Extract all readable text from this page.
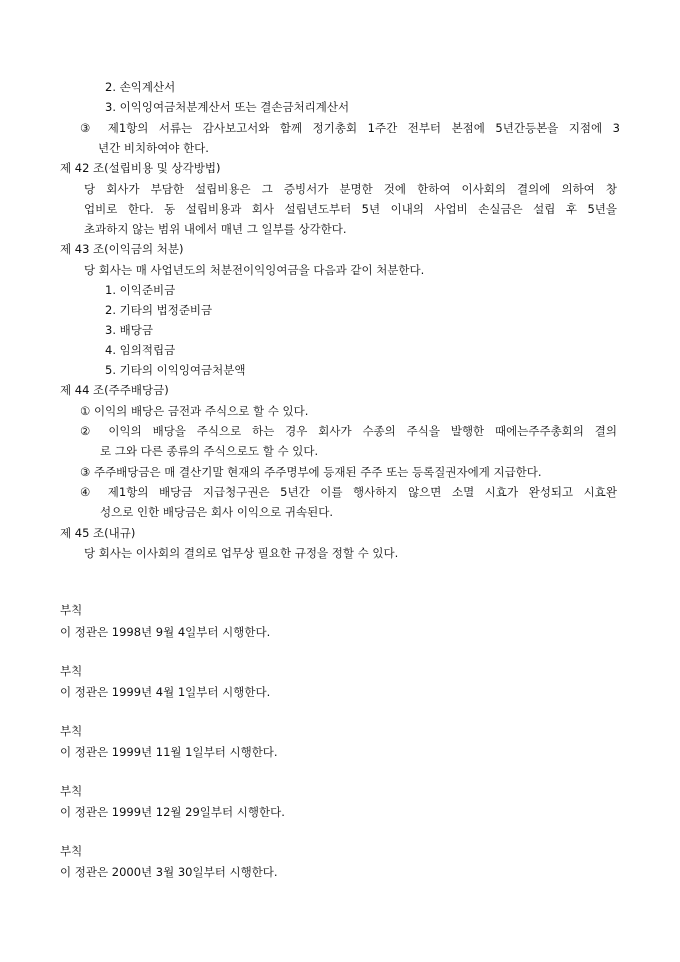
2. 손익계산서
3. 이익잉여금처분계산서 또는 결손금처리계산서
③ 제1항의 서류는 감사보고서와 함께 정기총회 1주간 전부터 본점에 5년간등본을 지점에 3
년간 비치하여야 한다.
제 42 조(설립비용 및 상각방법)
당 회사가 부담한 설립비용은 그 증빙서가 분명한 것에 한하여 이사회의 결의에 의하여 창
업비로 한다. 동 설립비용과 회사 설립년도부터 5년 이내의 사업비 손실금은 설립 후 5년을
초과하지 않는 범위 내에서 매년 그 일부를 상각한다.
제 43 조(이익금의 처분)
당 회사는 매 사업년도의 처분전이익잉여금을 다음과 같이 처분한다.
1. 이익준비금
2. 기타의 법정준비금
3. 배당금
4. 임의적립금
5. 기타의 이익잉여금처분액
제 44 조(주주배당금)
① 이익의 배당은 금전과 주식으로 할 수 있다.
② 이익의 배당을 주식으로 하는 경우 회사가 수종의 주식을 발행한 때에는주주총회의 결의
로 그와 다른 종류의 주식으로도 할 수 있다.
③ 주주배당금은 매 결산기말 현재의 주주명부에 등재된 주주 또는 등록질권자에게 지급한다.
④ 제1항의 배당금 지급청구권은 5년간 이를 행사하지 않으면 소멸 시효가 완성되고 시효완
성으로 인한 배당금은 회사 이익으로 귀속된다.
제 45 조(내규)
당 회사는 이사회의 결의로 업무상 필요한 규정을 정할 수 있다.
부칙
이 정관은 1998년 9월 4일부터 시행한다.
부칙
이 정관은 1999년 4월 1일부터 시행한다.
부칙
이 정관은 1999년 11월 1일부터 시행한다.
부칙
이 정관은 1999년 12월 29일부터 시행한다.
부칙
이 정관은 2000년 3월 30일부터 시행한다.
